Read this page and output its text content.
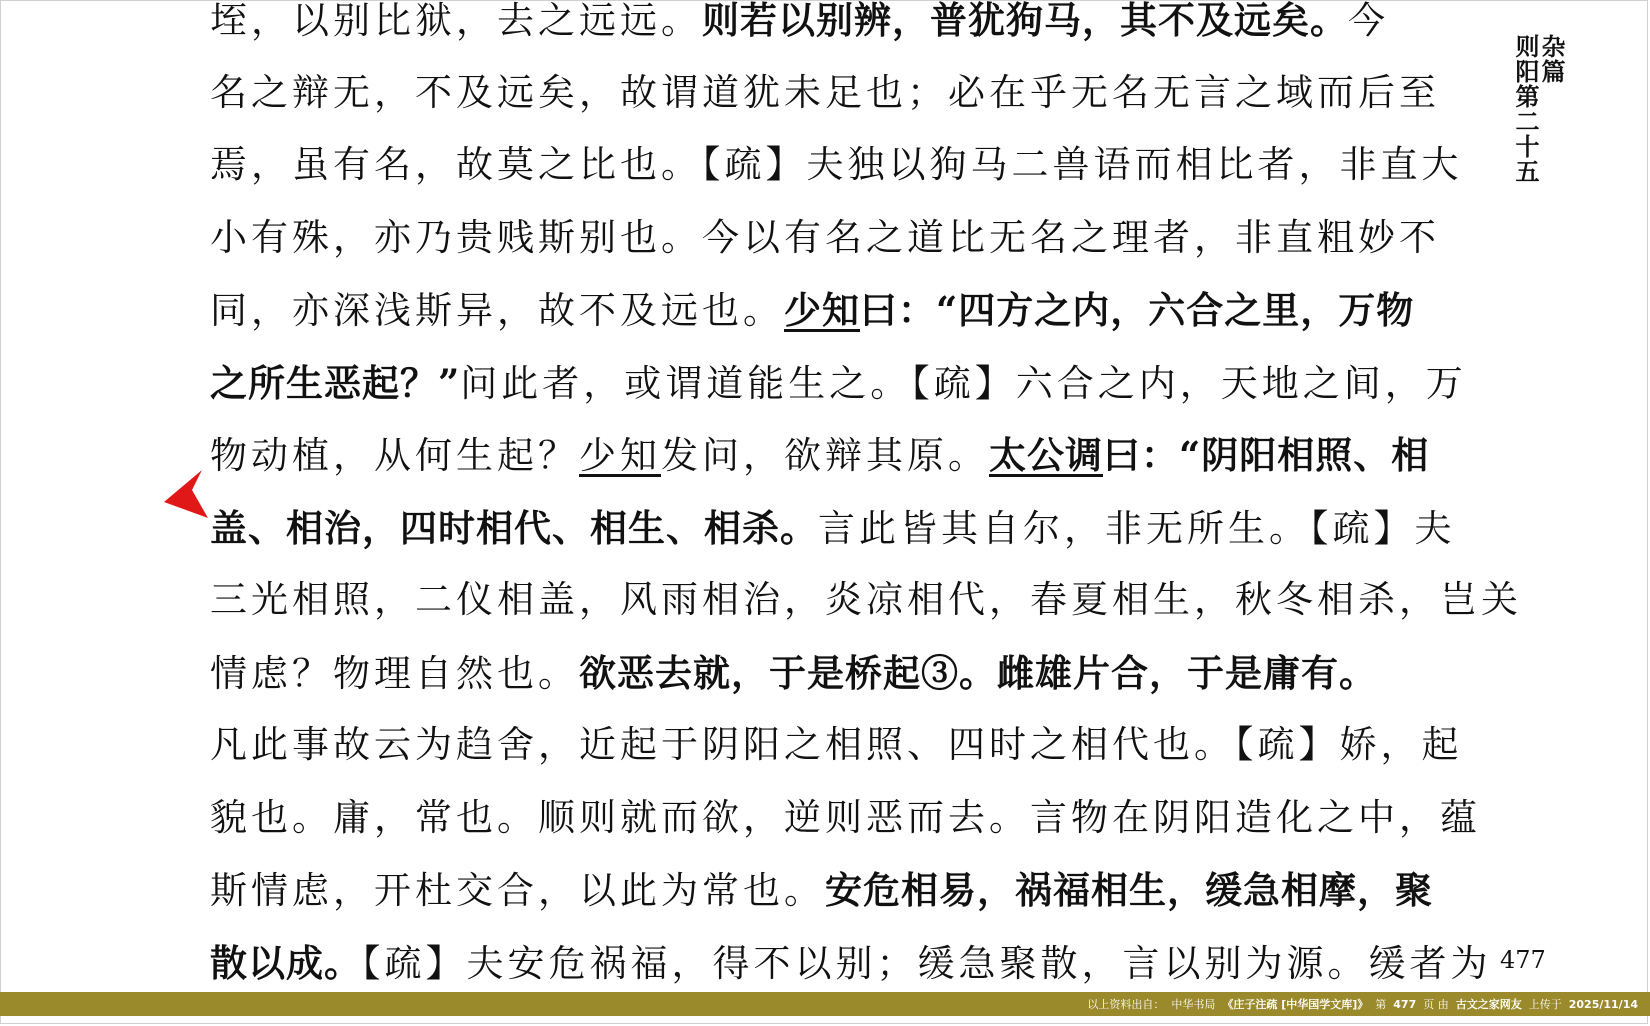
垤，以别比狱，去之远远。则若以别辨，普犹狗马，其不及远矣。今
名之辩无，不及远矣，故谓道犹未足也；必在乎无名无言之域而后至
焉，虽有名，故莫之比也。【疏】夫独以狗马二兽语而相比者，非直大
小有殊，亦乃贵贱斯别也。今以有名之道比无名之理者，非直粗妙不
同，亦深浅斯异，故不及远也。少知曰：“四方之内，六合之里，万物
之所生恶起？”问此者，或谓道能生之。【疏】六合之内，天地之间，万
物动植，从何生起？少知发问，欲辩其原。太公调曰：“阴阳相照、相
盖、相治，四时相代、相生、相杀。言此皆其自尔，非无所生。【疏】夫
三光相照，二仪相盖，风雨相治，炎凉相代，春夏相生，秋冬相杀，岂关
情虑？物理自然也。欲恶去就，于是桥起③。雌雄片合，于是庸有。
凡此事故云为趋舍，近起于阴阳之相照、四时之相代也。【疏】娇，起
貌也。庸，常也。顺则就而欲，逆则恶而去。言物在阴阳造化之中，蕴
斯情虑，开杜交合，以此为常也。安危相易，祸福相生，缓急相摩，聚
散以成。【疏】夫安危祸福，得不以别；缓急聚散，言以别为源。缓者为
杂篇
则阳第二十五
477
以上资料出自： 中华书局 《庄子注疏 [中华国学文库]》 第 477 页 由 古文之家网友 上传于 2025/11/14
